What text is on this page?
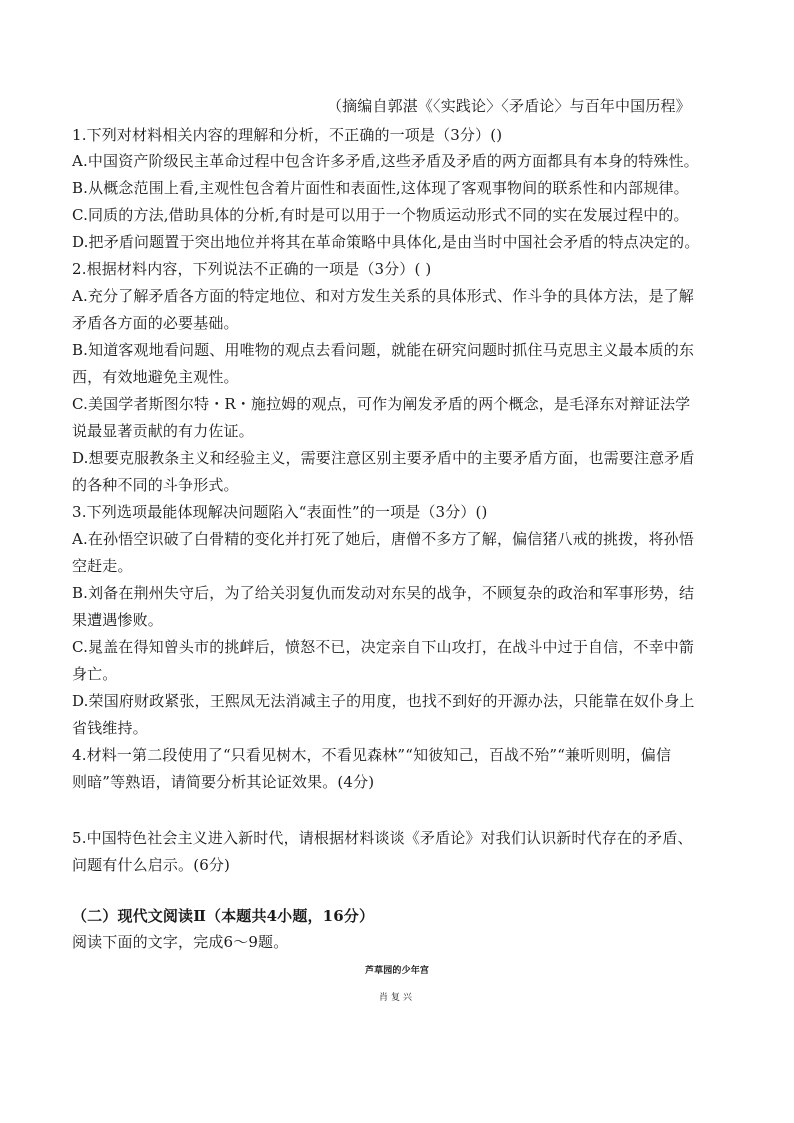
（摘编自郭湛《〈实践论〉〈矛盾论〉与百年中国历程》
1.下列对材料相关内容的理解和分析，不正确的一项是（3分）()
A.中国资产阶级民主革命过程中包含许多矛盾,这些矛盾及矛盾的两方面都具有本身的特殊性。
B.从概念范围上看,主观性包含着片面性和表面性,这体现了客观事物间的联系性和内部规律。
C.同质的方法,借助具体的分析,有时是可以用于一个物质运动形式不同的实在发展过程中的。
D.把矛盾问题置于突出地位并将其在革命策略中具体化,是由当时中国社会矛盾的特点决定的。
2.根据材料内容，下列说法不正确的一项是（3分）( )
A.充分了解矛盾各方面的特定地位、和对方发生关系的具体形式、作斗争的具体方法，是了解
矛盾各方面的必要基础。
B.知道客观地看问题、用唯物的观点去看问题，就能在研究问题时抓住马克思主义最本质的东
西，有效地避免主观性。
C.美国学者斯图尔特・R・施拉姆的观点，可作为阐发矛盾的两个概念，是毛泽东对辩证法学
说最显著贡献的有力佐证。
D.想要克服教条主义和经验主义，需要注意区别主要矛盾中的主要矛盾方面，也需要注意矛盾
的各种不同的斗争形式。
3.下列选项最能体现解决问题陷入“表面性”的一项是（3分）()
A.在孙悟空识破了白骨精的变化并打死了她后，唐僧不多方了解，偏信猪八戒的挑拨，将孙悟
空赶走。
B.刘备在荆州失守后，为了给关羽复仇而发动对东吴的战争，不顾复杂的政治和军事形势，结
果遭遇惨败。
C.晁盖在得知曾头市的挑衅后，愤怒不已，决定亲自下山攻打，在战斗中过于自信，不幸中箭
身亡。
D.荣国府财政紧张，王熙凤无法消减主子的用度，也找不到好的开源办法，只能靠在奴仆身上
省钱维持。
4.材料一第二段使用了“只看见树木，不看见森林”“知彼知己，百战不殆”“兼听则明，偏信
则暗”等熟语，请简要分析其论证效果。(4分)
5.中国特色社会主义进入新时代，请根据材料谈谈《矛盾论》对我们认识新时代存在的矛盾、
问题有什么启示。(6分)
（二）现代文阅读Ⅱ（本题共4小题，16分）
阅读下面的文字，完成6～9题。
芦草园的少年宫
肖复兴
